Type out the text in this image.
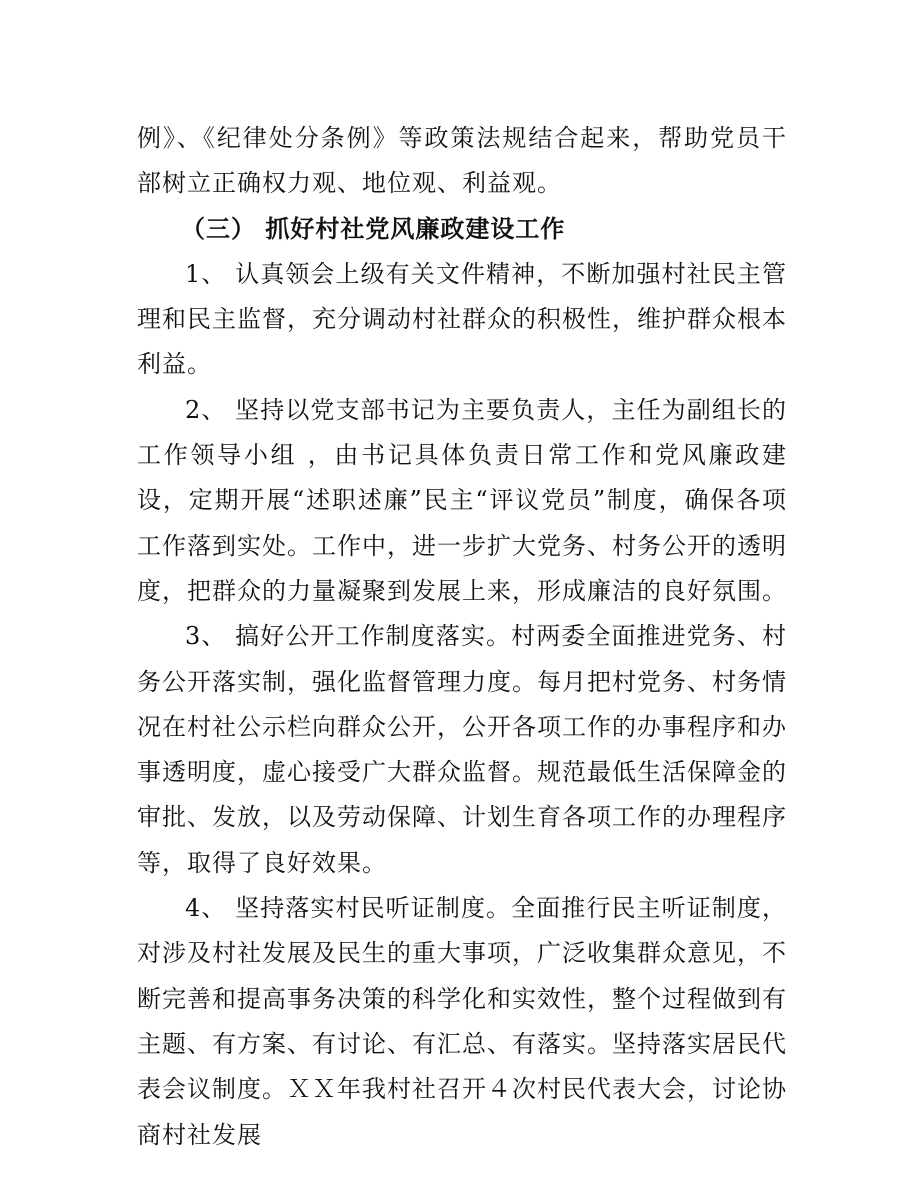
例》、《纪律处分条例》等政策法规结合起来，帮助党员干部树立正确权力观、地位观、利益观。

（三） 抓好村社党风廉政建设工作

1、 认真领会上级有关文件精神，不断加强村社民主管理和民主监督，充分调动村社群众的积极性，维护群众根本利益。

2、 坚持以党支部书记为主要负责人，主任为副组长的工作领导小组 ，由书记具体负责日常工作和党风廉政建设，定期开展“述职述廉”民主“评议党员”制度，确保各项工作落到实处。工作中，进一步扩大党务、村务公开的透明度，把群众的力量凝聚到发展上来，形成廉洁的良好氛围。

3、 搞好公开工作制度落实。村两委全面推进党务、村务公开落实制，强化监督管理力度。每月把村党务、村务情况在村社公示栏向群众公开，公开各项工作的办事程序和办事透明度，虚心接受广大群众监督。规范最低生活保障金的审批、发放，以及劳动保障、计划生育各项工作的办理程序等，取得了良好效果。

4、 坚持落实村民听证制度。全面推行民主听证制度，对涉及村社发展及民生的重大事项，广泛收集群众意见，不断完善和提高事务决策的科学化和实效性，整个过程做到有主题、有方案、有讨论、有汇总、有落实。坚持落实居民代表会议制度。ＸＸ年我村社召开４次村民代表大会，讨论协商村社发展
